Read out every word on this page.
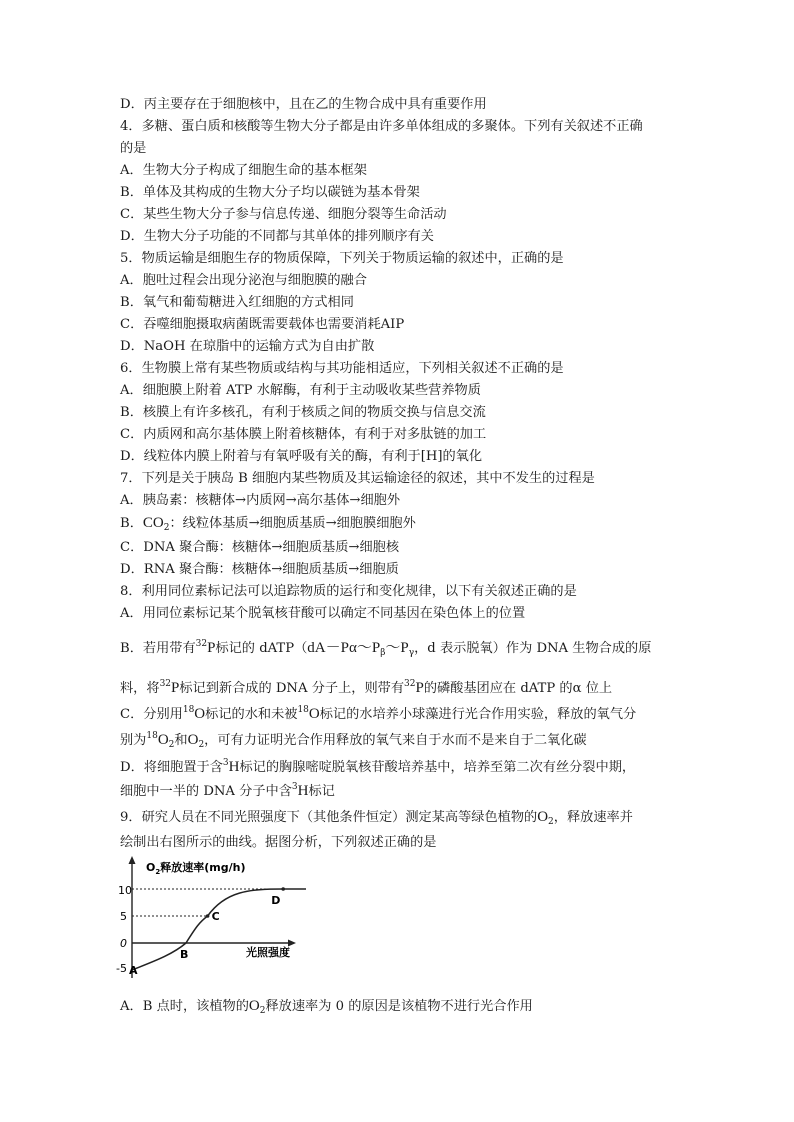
D．丙主要存在于细胞核中，且在乙的生物合成中具有重要作用
4．多糖、蛋白质和核酸等生物大分子都是由许多单体组成的多聚体。下列有关叙述不正确
的是
A．生物大分子构成了细胞生命的基本框架
B．单体及其构成的生物大分子均以碳链为基本骨架
C．某些生物大分子参与信息传递、细胞分裂等生命活动
D．生物大分子功能的不同都与其单体的排列顺序有关
5．物质运输是细胞生存的物质保障，下列关于物质运输的叙述中，正确的是
A．胞吐过程会出现分泌泡与细胞膜的融合
B．氧气和葡萄糖进入红细胞的方式相同
C．吞噬细胞摄取病菌既需要载体也需要消耗AIP
D．NaOH 在琼脂中的运输方式为自由扩散
6．生物膜上常有某些物质或结构与其功能相适应，下列相关叙述不正确的是
A．细胞膜上附着 ATP 水解酶，有利于主动吸收某些营养物质
B．核膜上有许多核孔，有利于核质之间的物质交换与信息交流
C．内质网和高尔基体膜上附着核糖体，有利于对多肽链的加工
D．线粒体内膜上附着与有氧呼吸有关的酶，有利于[H]的氧化
7．下列是关于胰岛 B 细胞内某些物质及其运输途径的叙述，其中不发生的过程是
A．胰岛素：核糖体→内质网→高尔基体→细胞外
B．$CO_2$：线粒体基质→细胞质基质→细胞膜细胞外
C．DNA 聚合酶：核糖体→细胞质基质→细胞核
D．RNA 聚合酶：核糖体→细胞质基质→细胞质
8．利用同位素标记法可以追踪物质的运行和变化规律，以下有关叙述正确的是
A．用同位素标记某个脱氧核苷酸可以确定不同基因在染色体上的位置
B．若用带有$^{32}$P标记的 $dATP(dA-P\alpha\sim P_\beta\sim P_\gamma$，d 表示脱氧）作为 DNA 生物合成的原
料，将$^{32}$P标记到新合成的 DNA 分子上，则带有$^{32}$P的磷酸基团应在 dATP 的α 位上
C．分别用$^{18}$O标记的水和未被$^{18}$O标记的水培养小球藻进行光合作用实验，释放的氧气分
别为$^{18}O_2$和$O_2$，可有力证明光合作用释放的氧气来自于水而不是来自于二氧化碳
D．将细胞置于含$^3$H标记的胸腺嘧啶脱氧核苷酸培养基中，培养至第二次有丝分裂中期，
细胞中一半的 DNA 分子中含$^3$H标记
9．研究人员在不同光照强度下（其他条件恒定）测定某高等绿色植物的$O_2$，释放速率并
绘制出右图所示的曲线。据图分析，下列叙述正确的是
$O_2$释放速率(mg/h)
光照强度
10
5
0
-5 A
B
C
D
A．B 点时，该植物的$O_2$释放速率为 0 的原因是该植物不进行光合作用
